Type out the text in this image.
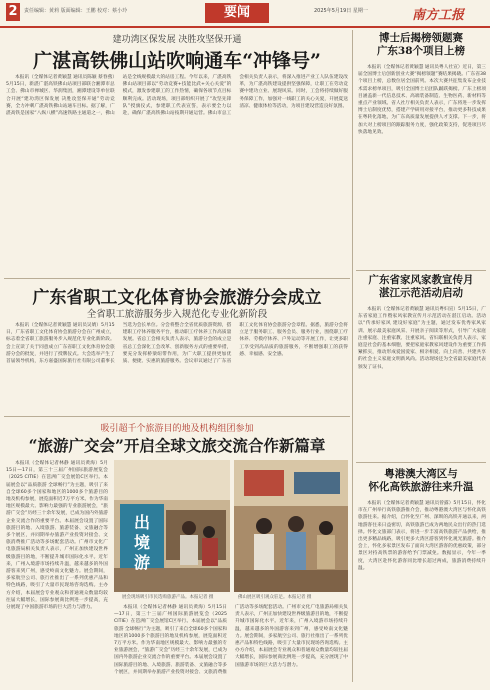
2	责任编辑：黄莉 版面编辑：王鹏 校对：蔡小玲	要闻	2025年5月19日 星期一	南方工报
建功湾区保发展 决胜攻坚保开通
广湛高铁佛山站吹响通车“冲锋号”
本报讯（全媒体记者黄颖慧 通讯员陈颖 蔡春燕）5月15日，新湛广湛高铁佛山站项目部联合湘潭市总工会、佛山市禅城区、华润集团，湘潭建设等单位联合开展“建功湾区保发展 决胜攻坚保开通”劳动竞赛，全力冲刺广湛高铁佛山站通车目标。据了解，广湛高铁是国家“八纵八横”高速铁路主通道之一，佛山站是全线规模最大的站房工程。今年以来，广湛高铁佛山站项目部以“劳动竞赛+技能比武+关心关爱”的模式，激发参建职工的工作热情，确保各项节点目标顺利完成。活动现场，项目部组织开展了“攻坚先锋队”授旗仪式，参建职工代表宣誓，表示要全力以赴，确保广湛高铁佛山站按期开通运营。佛山市总工会相关负责人表示，将深入推进产业工人队伍建设改革，为广湛高铁建设提供坚强保障，让职工在劳动竞赛中建功立业、展现风采。同时，工会将持续做好服务保障工作，加强对一线职工的关心关爱，开展夏送清凉、健康体检等活动，为项目建设营造良好氛围。
广东省职工文化体育协会旅游分会成立
全省职工旅游服务步入规范化专业化新阶段
本报讯（全媒体记者黄颖慧 通讯员吴婧）5月15日，广东省职工文化体育协会旅游分会在广州成立，标志着全省职工旅游服务步入规范化专业化新阶段。会上宣读了关于同意成立广东省职工文化体育协会旅游分会的批复，并进行了授牌仪式。大会选举产生了首届领导机构，东方嘉盛国际旅行社有限公司董事长当选为会长单位。分会将整合全省优质旅游资源，搭建职工疗休养服务平台，推动职工疗休养工作高质量发展。省总工会相关负责人表示，旅游分会的成立是省总工会深化工会改革、创新服务方式的重要举措，要充分发挥桥梁纽带作用，为广大职工提供更加优质、便捷、实惠的旅游服务。会议审议通过了广东省职工文化体育协会旅游分会章程。据悉，旅游分会将立足于服务职工、服务会员、服务行业，围绕职工疗休养、劳模疗休养、户外运动等开展工作，让更多职工享受到高品质的旅游服务，不断增强职工的获得感、幸福感、安全感。
吸引超千个旅游目的地及机构组团参加
“旅游广交会”开启全球文旅交流合作新篇章
本报讯（全媒体记者林静 通讯员黄海）5月15日—17日，第三十三届广州国际旅游展览会（2025 CITIE）在琶洲广交会展馆C区举行。本届展会以“品质旅游 全球畅行”为主题，吸引了来自全球60多个国家和地区的1000多个旅游目的地及机构参展，展览面积近7万平方米。作为华南地区规模最大、影响力最强的专业旅游展会，“旅游广交会”历经三十余年发展，已成为国内外旅游企业交流合作的重要平台。本届展会设置了国际旅游目的地、入境旅游、旅游装备、文旅融合等多个展区，并同期举办旅游产业投资对接会、文旅消费推广活动等多场配套活动。广州市文化广电旅游局相关负责人表示，广州正加快建设世界级旅游目的地，不断提升城市国际化水平。近年来，广州入境游市场持续升温，越来越多的外国游客来到广州，感受岭南文化魅力。展会期间，多家航空公司、旅行社推出了一系列优惠产品和特色线路，吸引了大量市民现场咨询选购。主办方介绍，本届展会专业观众和普通观众数量均较往届大幅增长，国际参展商比例进一步提高，充分展现了中国旅游市场的巨大活力与潜力。
出
境
游
展会现场吸引市民选购旅游产品。本报记者 摄	佛山展区吸引观众驻足。本报记者 摄
本报讯（全媒体记者林静 通讯员黄海）5月15日—17日，第三十三届广州国际旅游展览会（2025 CITIE）在琶洲广交会展馆C区举行。本届展会以“品质旅游 全球畅行”为主题，吸引了来自全球60多个国家和地区的1000多个旅游目的地及机构参展，展览面积近7万平方米。作为华南地区规模最大、影响力最强的专业旅游展会，“旅游广交会”历经三十余年发展，已成为国内外旅游企业交流合作的重要平台。本届展会设置了国际旅游目的地、入境旅游、旅游装备、文旅融合等多个展区，并同期举办旅游产业投资对接会、文旅消费推广活动等多场配套活动。广州市文化广电旅游局相关负责人表示，广州正加快建设世界级旅游目的地，不断提升城市国际化水平。近年来，广州入境游市场持续升温，越来越多的外国游客来到广州，感受岭南文化魅力。展会期间，多家航空公司、旅行社推出了一系列优惠产品和特色线路，吸引了大量市民现场咨询选购。主办方介绍，本届展会专业观众和普通观众数量均较往届大幅增长，国际参展商比例进一步提高，充分展现了中国旅游市场的巨大活力与潜力。
博士后揭榜领题赛
广东38个项目上榜
本报讯（全媒体记者黄颖慧 通讯员粤人社宣）近日，第三届全国博士后创新创业大赛“揭榜领题”赛结果揭晓。广东省38个项目上榜，总数位居全国前列。本次大赛共征集发布企业技术需求榜单项目，吸引全国博士后团队踊跃揭榜。广东上榜项目涵盖新一代信息技术、高端装备制造、生物医药、新材料等重点产业领域。省人社厅相关负责人表示，广东将进一步发挥博士后制度优势，搭建产学研用对接平台，推动更多科技成果在粤转化落地，为广东高质量发展提供人才支撑。下一步，将加大对上榜项目的跟踪服务力度，强化政策支持，促进项目尽快落地见效。
广东省家风家教宣传月
湛江示范活动启动
本报讯（全媒体记者黄颖慧 通讯员粤妇宣）5月15日，广东省家庭工作暨家风家教宣传月示范活动在湛江启动。活动以“传承好家风 建设好家庭”为主题，通过发布优秀家风家训、展示最美家庭风采、开展亲子阅读等形式，引导广大家庭注重家庭、注重家教、注重家风。省妇联相关负责人表示，家庭是社会的基本细胞，要把家庭家教家风建设作为重要工作抓紧抓实，推动形成爱国爱家、相亲相爱、向上向善、共建共享的社会主义家庭文明新风尚。活动现场还为全省最美家庭代表颁发了证书。
粤港澳大湾区与
怀化高铁旅游往来升温
本报讯（全媒体记者黄颖慧 通讯员曾露）5月15日，怀化市在广州举行高铁旅游推介会，推动粤港澳大湾区与怀化高铁旅游往来。据介绍，自怀化至广州、深圳的高铁开通以来，两地游客往来日益密切，高铁旅游已成为两地民众出行的热门选择。怀化文旅部门表示，将进一步丰富高铁旅游产品供给，推出更多精品线路，吸引更多大湾区游客到怀化观光旅游。推介会上，怀化多家景区发布了面向大湾区游客的优惠政策，部分景区对持高铁票的游客给予门票减免。数据显示，今年一季度，大湾区赴怀化游客同比增长超过两成，旅游消费持续升温。
